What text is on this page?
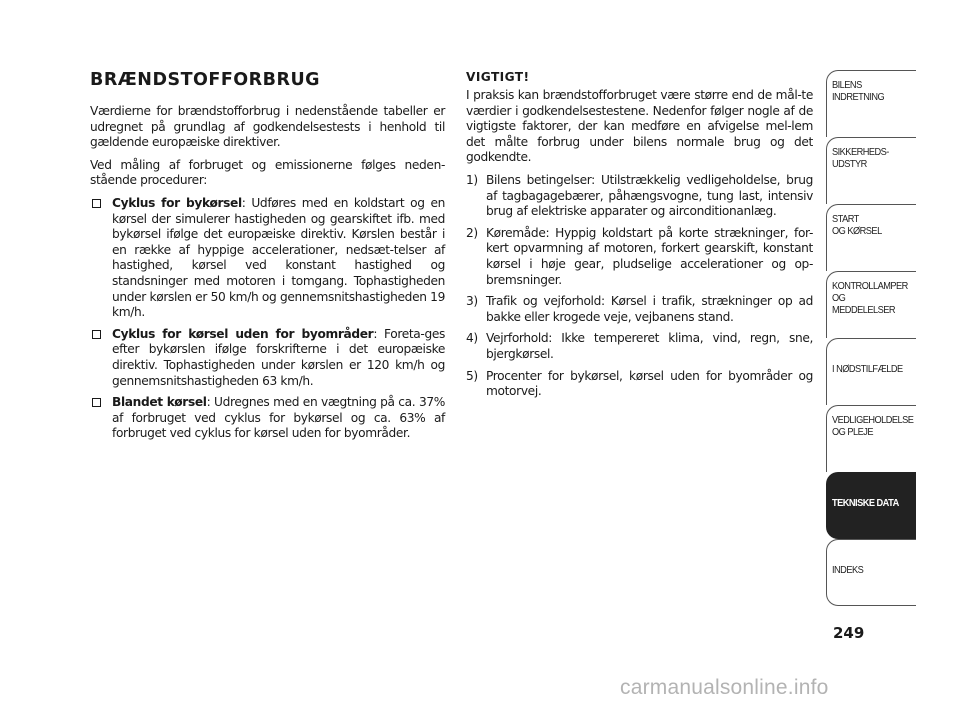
BRÆNDSTOFFORBRUG

Værdierne for brændstofforbrug i nedenstående tabeller er udregnet på grundlag af godkendelsestests i henhold til gældende europæiske direktiver.

Ved måling af forbruget og emissionerne følges neden-stående procedurer:

Cyklus for bykørsel: Udføres med en koldstart og en kørsel der simulerer hastigheden og gearskiftet ifb. med bykørsel ifølge det europæiske direktiv. Kørslen består i en række af hyppige accelerationer, nedsæt-telser af hastighed, kørsel ved konstant hastighed og standsninger med motoren i tomgang. Tophastigheden under kørslen er 50 km/h og gennemsnitshastigheden 19 km/h.
Cyklus for kørsel uden for byområder: Foreta-ges efter bykørslen ifølge forskrifterne i det europæiske direktiv. Tophastigheden under kørslen er 120 km/h og gennemsnitshastigheden 63 km/h.
Blandet kørsel: Udregnes med en vægtning på ca. 37% af forbruget ved cyklus for bykørsel og ca. 63% af forbruget ved cyklus for kørsel uden for byområder.
VIGTIGT!

I praksis kan brændstofforbruget være større end de mål-te værdier i godkendelsestestene. Nedenfor følger nogle af de vigtigste faktorer, der kan medføre en afvigelse mel-lem det målte forbrug under bilens normale brug og det godkendte.

1) Bilens betingelser: Utilstrækkelig vedligeholdelse, brug af tagbagagebærer, påhængsvogne, tung last, intensiv brug af elektriske apparater og airconditionanlæg.
2) Køremåde: Hyppig koldstart på korte strækninger, for-kert opvarmning af motoren, forkert gearskift, konstant kørsel i høje gear, pludselige accelerationer og op-bremsninger.
3) Trafik og vejforhold: Kørsel i trafik, strækninger op ad bakke eller krogede veje, vejbanens stand.
4) Vejrforhold: Ikke tempereret klima, vind, regn, sne, bjergkørsel.
5) Procenter for bykørsel, kørsel uden for byområder og motorvej.
BILENS
INDRETNING
SIKKERHEDS-
UDSTYR
START
OG KØRSEL
KONTROLLAMPER
OG MEDDELELSER
I NØDSTILFÆLDE
VEDLIGEHOLDELSE
OG PLEJE
TEKNISKE DATA
INDEKS
249
carmanualsonline.info
